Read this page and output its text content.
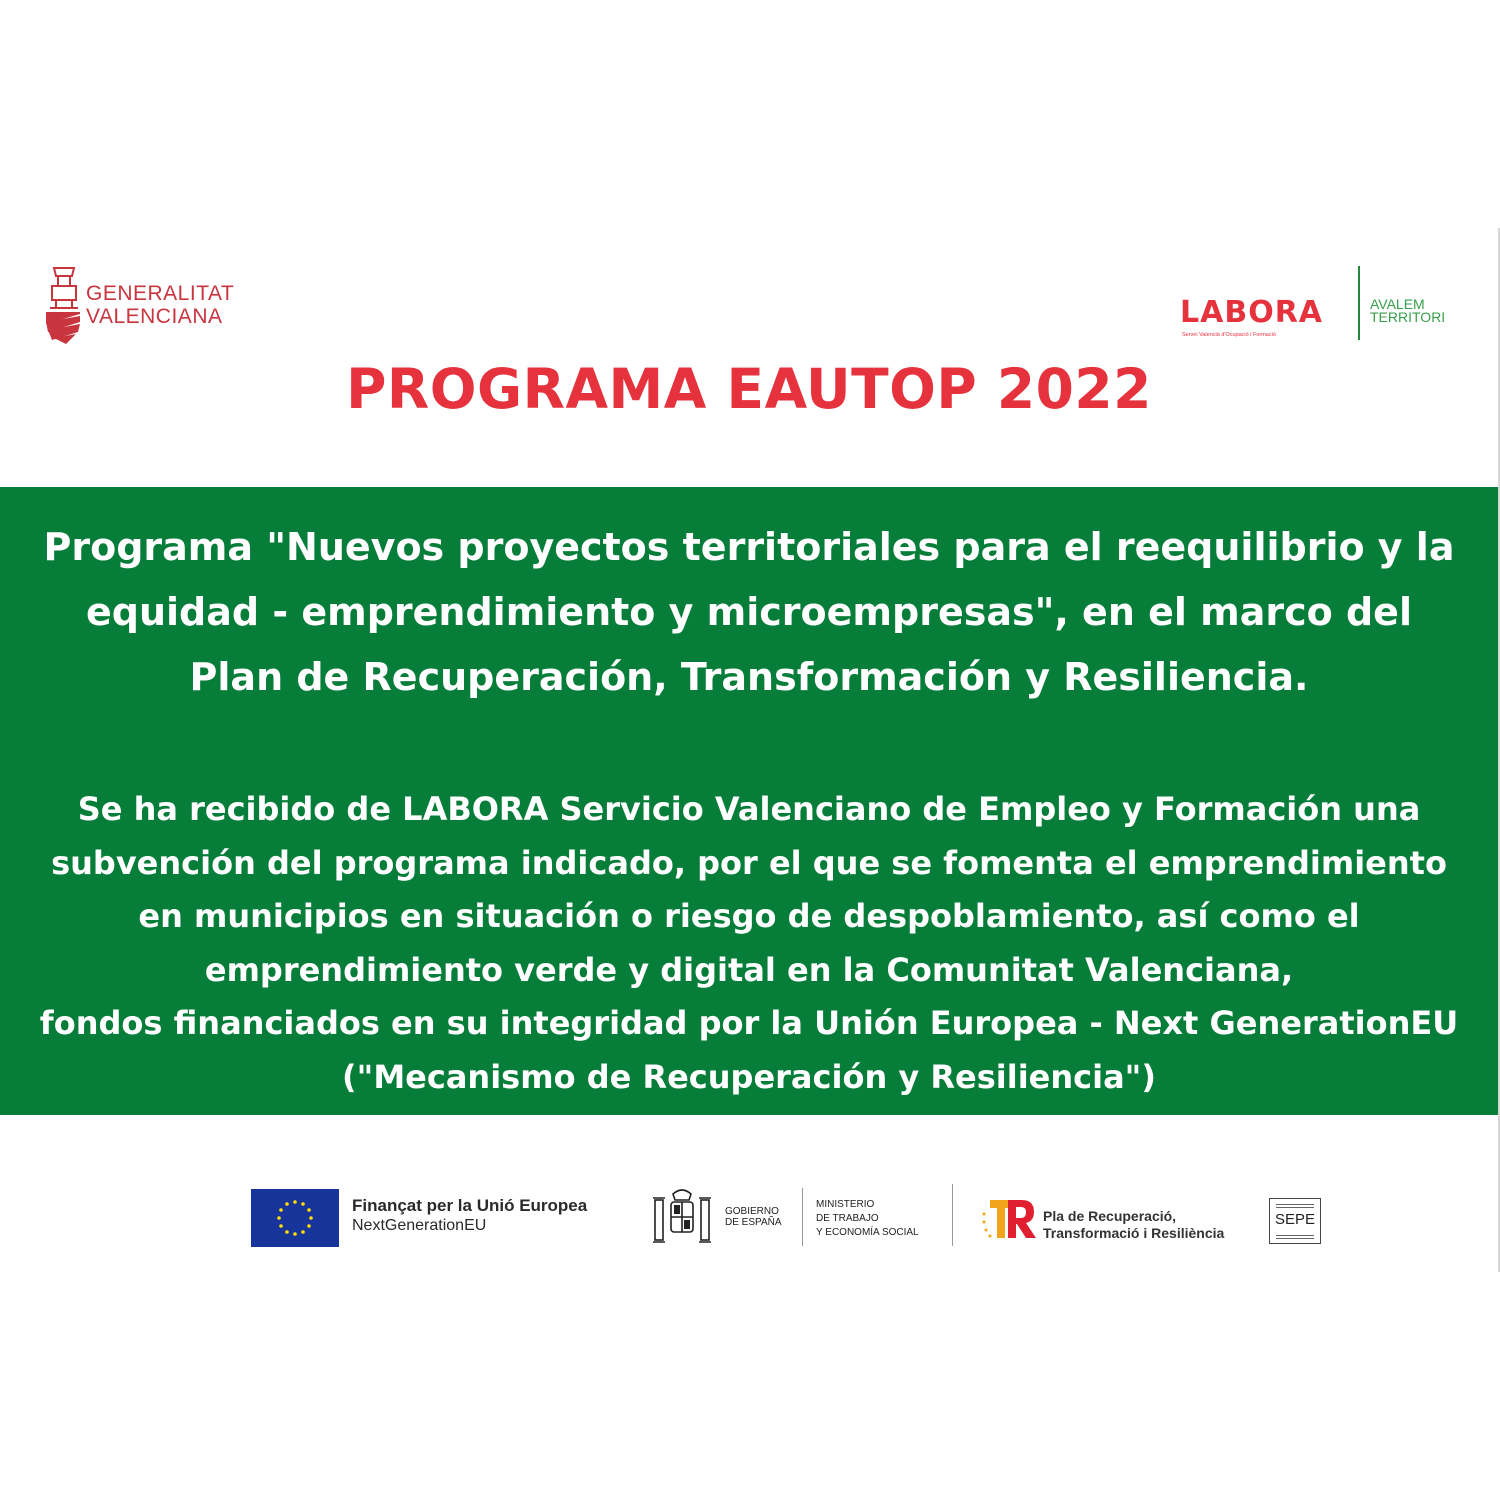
GENERALITAT
VALENCIANA	LABORA
Servei Valencià d'Ocupació i Formació
AVALEM
TERRITORI
PROGRAMA EAUTOP 2022
Programa "Nuevos proyectos territoriales para el reequilibrio y la
equidad - emprendimiento y microempresas", en el marco del
Plan de Recuperación, Transformación y Resiliencia.
Se ha recibido de LABORA Servicio Valenciano de Empleo y Formación una
subvención del programa indicado, por el que se fomenta el emprendimiento
en municipios en situación o riesgo de despoblamiento, así como el
emprendimiento verde y digital en la Comunitat Valenciana,
fondos financiados en su integridad por la Unión Europea - Next GenerationEU
("Mecanismo de Recuperación y Resiliencia")
Finançat per la Unió Europea
NextGenerationEU
GOBIERNO
DE ESPAÑA
MINISTERIO
DE TRABAJO
Y ECONOMÍA SOCIAL
Pla de Recuperació,
Transformació i Resiliència
SEPE
